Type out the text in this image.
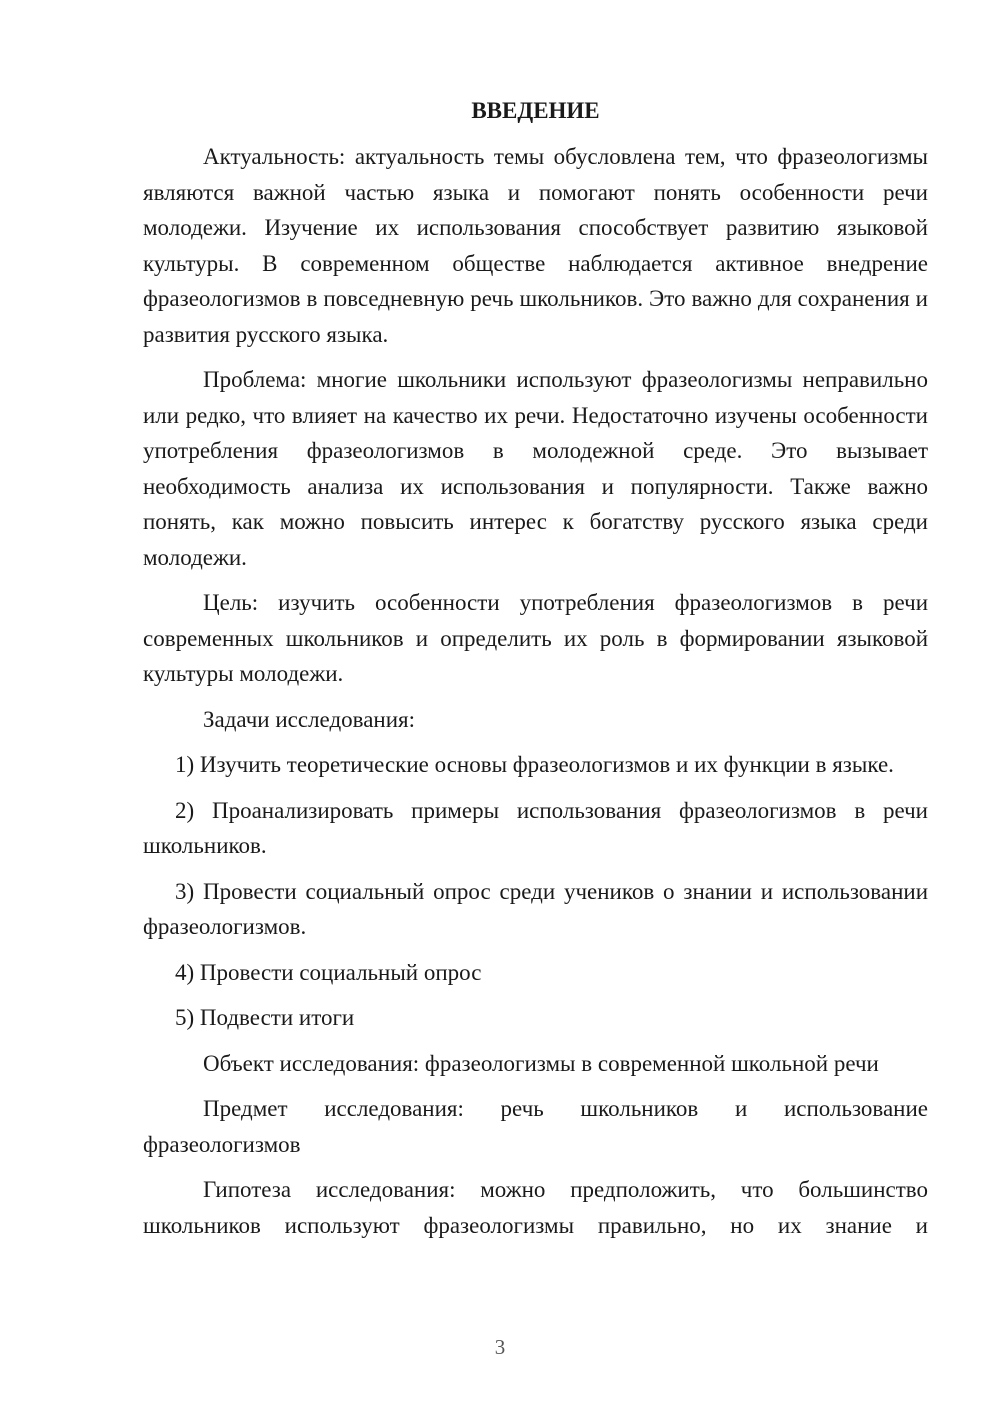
ВВЕДЕНИЕ

Актуальность: актуальность темы обусловлена тем, что фразеологизмы являются важной частью языка и помогают понять особенности речи молодежи. Изучение их использования способствует развитию языковой культуры. В современном обществе наблюдается активное внедрение фразеологизмов в повседневную речь школьников. Это важно для сохранения и развития русского языка.

Проблема: многие школьники используют фразеологизмы неправильно или редко, что влияет на качество их речи. Недостаточно изучены особенности употребления фразеологизмов в молодежной среде. Это вызывает необходимость анализа их использования и популярности. Также важно понять, как можно повысить интерес к богатству русского языка среди молодежи.

Цель: изучить особенности употребления фразеологизмов в речи современных школьников и определить их роль в формировании языковой культуры молодежи.

Задачи исследования:

1) Изучить теоретические основы фразеологизмов и их функции в языке.

2) Проанализировать примеры использования фразеологизмов в речи школьников.

3) Провести социальный опрос среди учеников о знании и использовании фразеологизмов.

4) Провести социальный опрос

5) Подвести итоги

Объект исследования: фразеологизмы в современной школьной речи

Предмет исследования: речь школьников и использование фразеологизмов

Гипотеза исследования: можно предположить, что большинство школьников используют фразеологизмы правильно, но их знание и

3
